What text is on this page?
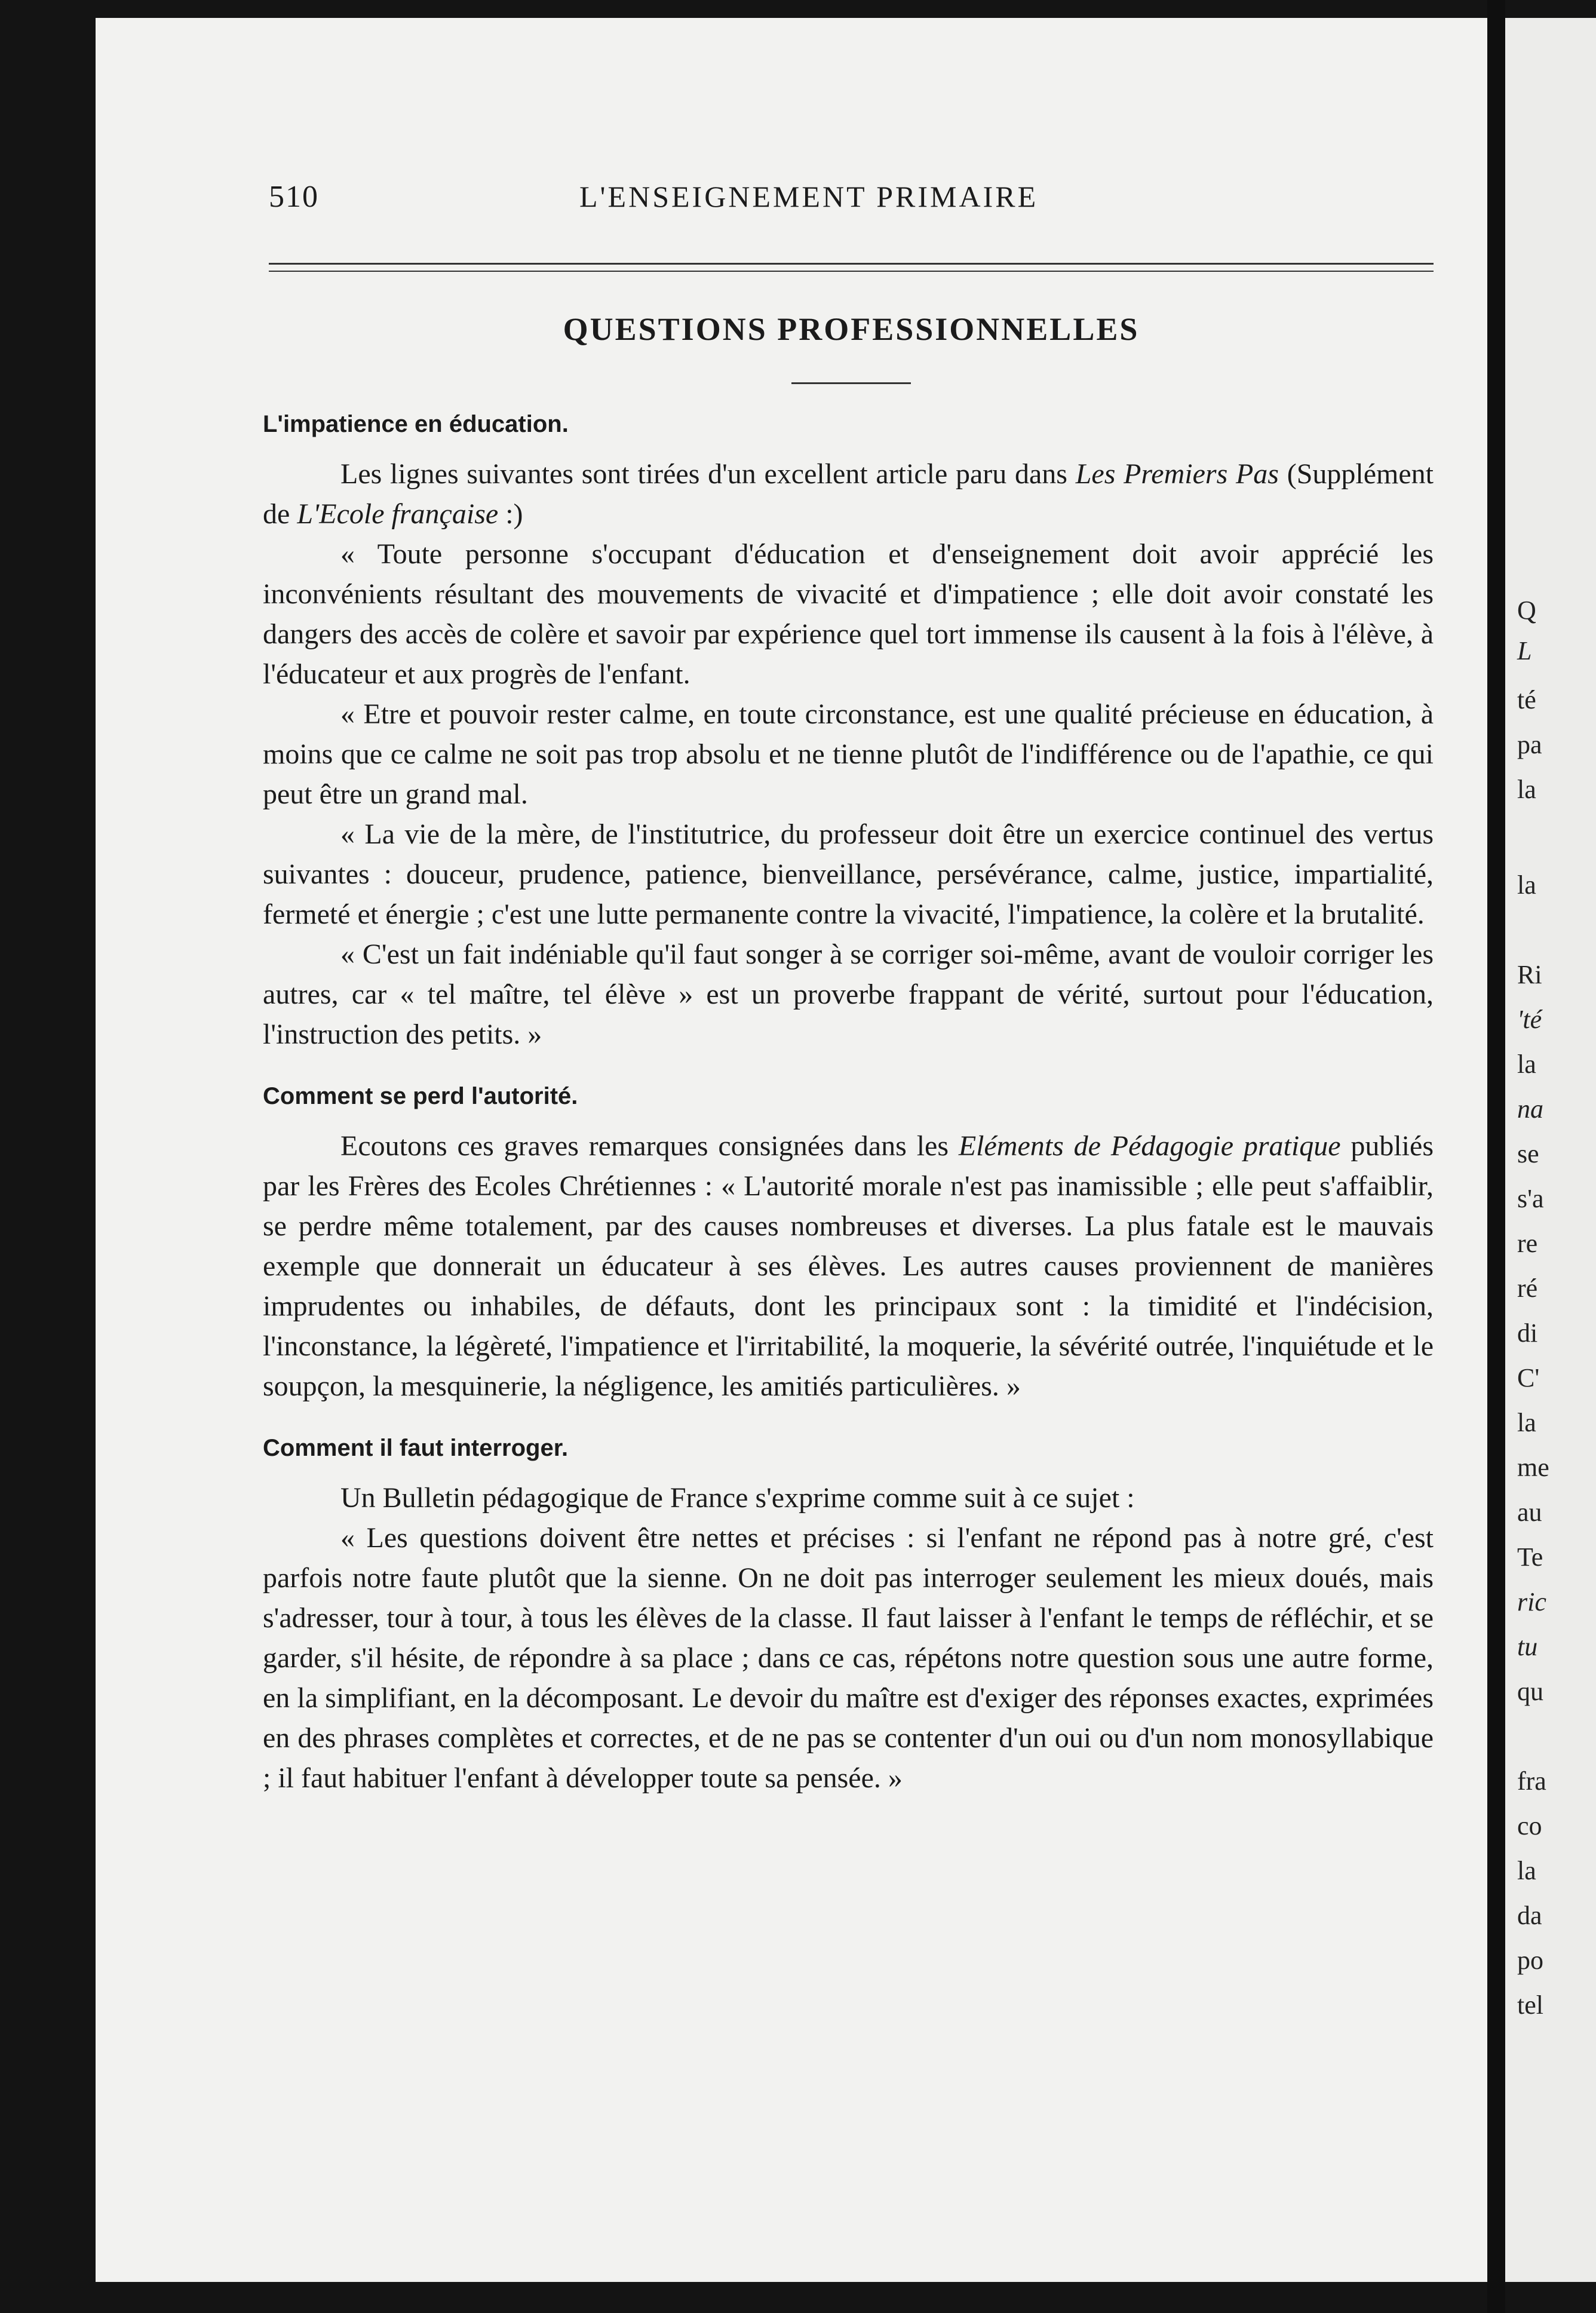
510	L'ENSEIGNEMENT PRIMAIRE
QUESTIONS PROFESSIONNELLES

L'impatience en éducation.

Les lignes suivantes sont tirées d'un excellent article paru dans Les Premiers Pas (Supplément de L'Ecole française :)

« Toute personne s'occupant d'éducation et d'enseignement doit avoir apprécié les inconvénients résultant des mouvements de vivacité et d'impatience ; elle doit avoir constaté les dangers des accès de colère et savoir par expérience quel tort immense ils causent à la fois à l'élève, à l'éducateur et aux progrès de l'enfant.

« Etre et pouvoir rester calme, en toute circonstance, est une qualité précieuse en éducation, à moins que ce calme ne soit pas trop absolu et ne tienne plutôt de l'indifférence ou de l'apathie, ce qui peut être un grand mal.

« La vie de la mère, de l'institutrice, du professeur doit être un exercice continuel des vertus suivantes : douceur, prudence, patience, bienveillance, persévérance, calme, justice, impartialité, fermeté et énergie ; c'est une lutte permanente contre la vivacité, l'impatience, la colère et la brutalité.

« C'est un fait indéniable qu'il faut songer à se corriger soi-même, avant de vouloir corriger les autres, car « tel maître, tel élève » est un proverbe frappant de vérité, surtout pour l'éducation, l'instruction des petits. »

Comment se perd l'autorité.

Ecoutons ces graves remarques consignées dans les Eléments de Pédagogie pratique publiés par les Frères des Ecoles Chrétiennes : « L'autorité morale n'est pas inamissible ; elle peut s'affaiblir, se perdre même totalement, par des causes nombreuses et diverses. La plus fatale est le mauvais exemple que donnerait un éducateur à ses élèves. Les autres causes proviennent de manières imprudentes ou inhabiles, de défauts, dont les principaux sont : la timidité et l'indécision, l'inconstance, la légèreté, l'impatience et l'irritabilité, la moquerie, la sévérité outrée, l'inquiétude et le soupçon, la mesquinerie, la négligence, les amitiés particulières. »

Comment il faut interroger.

Un Bulletin pédagogique de France s'exprime comme suit à ce sujet :

« Les questions doivent être nettes et précises : si l'enfant ne répond pas à notre gré, c'est parfois notre faute plutôt que la sienne. On ne doit pas interroger seulement les mieux doués, mais s'adresser, tour à tour, à tous les élèves de la classe. Il faut laisser à l'enfant le temps de réfléchir, et se garder, s'il hésite, de répondre à sa place ; dans ce cas, répétons notre question sous une autre forme, en la simplifiant, en la décomposant. Le devoir du maître est d'exiger des réponses exactes, exprimées en des phrases complètes et correctes, et de ne pas se contenter d'un oui ou d'un nom monosyllabique ; il faut habituer l'enfant à développer toute sa pensée. »

Q
L
té
pa
la
la
Ri
'té
la
na
se
s'a
re
ré
di
C'
la
me
au
Te
ric
tu
qu
fra
co
la
da
po
tel
